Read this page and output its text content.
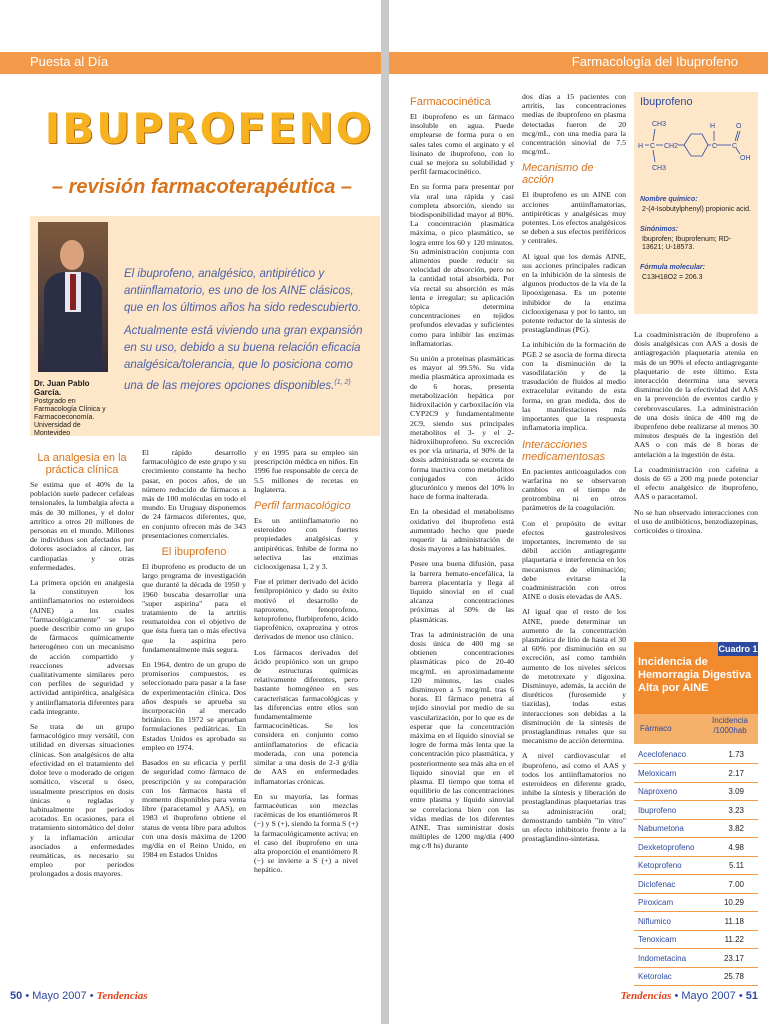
Puesta al Día	Farmacología del Ibuprofeno
IBUPROFENO
– revisión farmacoterapéutica –
Dr. Juan Pablo García.
Postgrado en Farmacología Clínica y Farmacoeconomía. Universidad de Montevideo

El ibuprofeno, analgésico, antipirético y antiinflamatorio, es uno de los AINE clásicos, que en los últimos años ha sido redescubierto.

Actualmente está viviendo una gran expansión en su uso, debido a su buena relación eficacia analgésica/tolerancia, que lo posiciona como una de las mejores opciones disponibles.$^{(1, 2)}$

La analgesia en la práctica clínica

Se estima que el 40% de la población suele padecer cefaleas tensionales, la lumbalgia afecta a más de 30 millones, y el dolor artrítico a otros 20 millones de personas en el mundo. Millones de individuos son afectados por dolores asociados al cáncer, las cardiopatías y otras enfermedades.

La primera opción en analgesia la constituyen los antiinflamatorios no esteroideos (AINE) a los cuales "farmacológicamente" se los puede describir como un grupo de fármacos químicamente heterogéneo con un mecanismo de acción compartido y reacciones adversas cualitativamente similares pero con perfiles de seguridad y actividad antipirética, analgésica y antiinflamatoria diferentes para cada integrante.

Se trata de un grupo farmacológico muy versátil, con utilidad en diversas situaciones clínicas. Son analgésicos de alta efectividad en el tratamiento del dolor leve o moderado de origen somático, visceral u óseo, usualmente prescriptos en dosis únicas o regladas y habitualmente por períodos acotados. En ocasiones, para el tratamiento sintomático del dolor y la inflamación articular asociados a enfermedades reumáticas, es necesario su empleo por períodos prolongados a dosis mayores.

El rápido desarrollo farmacológico de este grupo y su crecimiento constante ha hecho pasar, en pocos años, de un número reducido de fármacos a más de 100 moléculas en todo el mundo. En Uruguay disponemos de 24 fármacos diferentes, que, en conjunto ofrecen más de 343 presentaciones comerciales.

El ibuprofeno

El ibuprofeno es producto de un largo programa de investigación que duranté la década de 1950 y 1960 buscaba desarrollar una "super aspirina" para el tratamiento de la artritis reumatoidea con el objetivo de que ésta fuera tan o más efectiva que la aspirina pero fundamentalmente más segura.

En 1964, dentro de un grupo de promisorios compuestos, es seleccionado para pasar a la fase de experimentación clínica. Dos años después se aprueba su incorporación al mercado británico. En 1972 se aprueban formulaciones pediátricas. En Estados Unidos es aprobado su empleo en 1974.

Basados en su eficacia y perfil de seguridad como fármaco de prescripción y su comparación con los fármacos hasta el momento disponibles para venta libre (paracetamol y AAS), en 1983 el ibuprofeno obtiene el status de venta libre para adultos con una dosis máxima de 1200 mg/día en el Reino Unido, en 1984 en Estados Unidos

y en 1995 para su empleo sin prescripción médica en niños. En 1996 fue responsable de cerca de 5.5 millones de recetas en Inglaterra.

Perfil farmacológico

Es un antiinflamatorio no esteroideo con fuertes propiedades analgésicas y antipiréticas. Inhibe de forma no selectiva las enzimas ciclooxigenasa 1, 2 y 3.

Fue el primer derivado del ácido fenilpropiónico y dado su éxito motivó el desarrollo de naproxeno, fenoprofeno, ketoprofeno, flurbiprofeno, ácido tiaprofénico, oxaprozina y otros derivados de menor uso clínico.

Los fármacos derivados del ácido propiónico son un grupo de estructuras químicas relativamente diferentes, pero bastante homogéneo en sus características farmacológicas y las diferencias entre ellos son fundamentalmente farmacocinéticas. Se los considera en conjunto como antiinflamatorios de eficacia moderada, con una potencia similar a una dosis de 2-3 g/día de AAS en enfermedades inflamatorias crónicas.

En su mayoría, las formas farmacéuticas son mezclas racémicas de los enantiómeros R (−) y S (+), siendo la forma S (+) la farmacológicamente activa; en el caso del ibuprofeno en una alta proporción el enantiómero R (−) se invierte a S (+) a nivel hepático.

Farmacocinética

El ibuprofeno es un fármaco insoluble en agua. Puede emplearse de forma pura o en sales tales como el arginato y el lisinato de ibuprofeno, con lo cual se mejora su solubilidad y perfil farmacocinético.

En su forma para presentar por vía oral una rápida y casi completa absorción, siendo su biodisponibilidad mayor al 80%. La concentración plasmática máxima, o pico plasmático, se logra entre los 60 y 120 minutos. Su administración conjunta con alimentos puede reducir su velocidad de absorción, pero no la cantidad total absorbida. Por vía rectal su absorción es más lenta e irregular; su aplicación tópica determina concentraciones en tejidos profundos elevadas y suficientes como para inhibir las enzimas inflamatorias.

Su unión a proteínas plasmáticas es mayor al 99.5%. Su vida media plasmática aproximada es de 6 horas, presenta metabolización hepática por hidroxilación y carboxilación vía CYP2C9 y fundamentalmente 2C9, siendo sus principales metabolitos el 3- y el 2-hidroxiibuprofeno. Su excreción es por vía urinaria, el 90% de la dosis administrada se excreta de forma inactiva como metabolitos conjugados con ácido glucurónico y menos del 10% lo hace de forma inalterada.

En la obesidad el metabolismo oxidativo del ibuprofeno está aumentado hecho que puede requerir la administración de dosis mayores a las habituales.

Posee una buena difusión, pasa la barrera hemato-encefálica, la barrera placentaria y llega al líquido sinovial en el cual alcanza concentraciones próximas al 50% de las plasmáticas.

Tras la administración de una dosis única de 400 mg se obtienen concentraciones plasmáticas pico de 20-40 mcg/mL en aproximadamente 120 minutos, las cuales disminuyen a 5 mcg/mL tras 6 horas. El fármaco penetra al tejido sinovial por medio de su vascularización, por lo que es de esperar que la concentración máxima en el líquido sinovial se logre de forma más lenta que la concentración pico plasmática, y posteriormente sea más alta en el líquido sinovial que en el plasma. El tiempo que toma el equilibrio de las concentraciones entre plasma y líquido sinovial se correlaciona bien con las vidas medias de los diferentes AINE. Tras suministrar dosis múltiples de 1200 mg/día (400 mg c/8 hs) durante

dos días a 15 pacientes con artritis, las concentraciones medias de ibuprofeno en plasma detectadas fueron de 20 mcg/mL, con una media para la concentración sinovial de 7.5 mcg/mL.

Mecanismo de acción

El ibuprofeno es un AINE con acciones antiinflamatorias, antipiréticas y analgésicas muy potentes. Los efectos analgésicos se deben a sus efectos periféricos y centrales.

Al igual que los demás AINE, sus acciones principales radican en la inhibición de la síntesis de algunos productos de la vía de la lipooxigenasa. Es un potente inhibidor de la enzima ciclooxigenasa y por lo tanto, un potente reductor de la síntesis de prostaglandinas (PG).

La inhibición de la formación de PGE 2 se asocia de forma directa con la disminución de la vasodilatación y de la trasudación de fluidos al medio extracelular evitando de esta forma, en gran medida, dos de las manifestaciones más importantes que la respuesta inflamatoria implica.

Interacciones medicamentosas

En pacientes anticoagulados con warfarina no se observaron cambios en el tiempo de protrombina ni en otros parámetros de la coagulación.

Con el propósito de evitar efectos gastrolesivos importantes, incremento de su débil acción antiagregante plaquetaria e interferencia en los mecanismos de eliminación; debe evitarse la coadministración con otros AINE o dosis elevadas de AAS.

Al igual que el resto de los AINE, puede determinar un aumento de la concentración plasmática de litio de hasta el 30 al 60% por disminución en su excreción, así como también aumento de los niveles séricos de metotrexate y digoxina. Disminuye, además, la acción de diuréticos (furosemide y tiazidas), todas estas interacciones son debidas a la disminución de la síntesis de prostaglandinas renales que su mecanismo de acción determina.

A nivel cardiovascular el ibuprofeno, así como el AAS y todos los antiinflamatorios no esteroideos en diferente grado, inhibe la síntesis y liberación de prostaglandinas plaquetarias tras su administración oral; demostrando también "in vitro" un efecto inhibitorio frente a la prostaglandino-sintetasa.

Ibuprofeno
CH3
H C CH2
CH3
C C
O
H
OH
Nombre químico:
2-(4-Isobutylphenyl) propionic acid.
Sinónimos:
Ibuprofen; Ibuprofenum; RD-13621; U-18573.
Fórmula molecular:
C13H18O2 = 206.3

La coadministración de ibuprofeno a dosis analgésicas con AAS a dosis de antiagregación plaquetaria atenúa en más de un 90% el efecto antiagregante plaquetario de este último. Esta interacción determina una severa disminución de la efectividad del AAS en la prevención de eventos cardio y cerebrovasculares. La administración de una dosis única de 400 mg de ibuprofeno debe realizarse al menos 30 minutos después de la ingestión del AAS o con más de 8 horas de antelación a la ingestión de ésta.

La coadministración con cafeína a dosis de 65 a 200 mg puede potenciar el efecto analgésico de ibuprofeno, AAS o paracetamol.

No se han observado interacciones con el uso de antibióticos, benzodiazepinas, corticoides o tiroxina.

Cuadro 1
Incidencia de Hemorragia Digestiva Alta por AINE
Fármaco
Incidencia /1000hab
Aceclofenaco	1.73
Meloxicam	2.17
Naproxeno	3.09
Ibuprofeno	3.23
Nabumetona	3.82
Dexketoprofeno	4.98
Ketoprofeno	5.11
Diclofenac	7.00
Piroxicam	10.29
Niflumico	11.18
Tenoxicam	11.22
Indometacina	23.17
Ketorolac	25.78
50 • Mayo 2007 • Tendencias	Tendencias • Mayo 2007 • 51
